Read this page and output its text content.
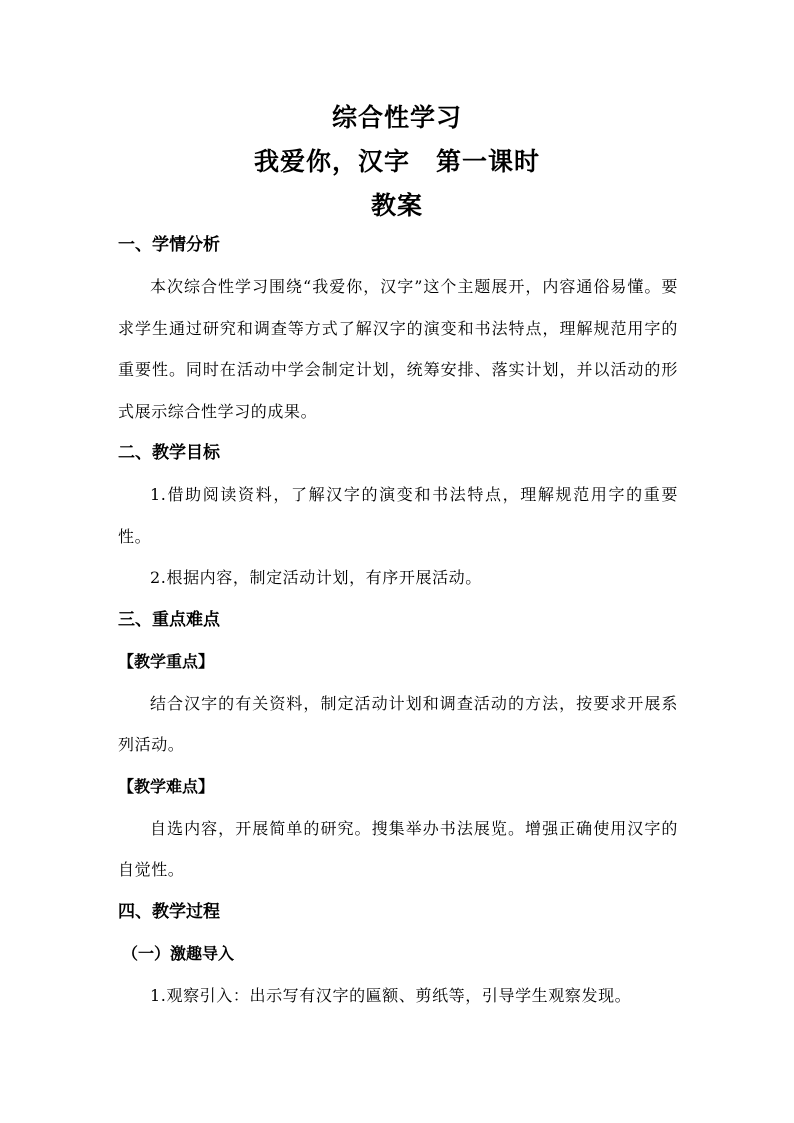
综合性学习
我爱你，汉字　第一课时
教案
一、学情分析

本次综合性学习围绕“我爱你，汉字”这个主题展开，内容通俗易懂。要求学生通过研究和调查等方式了解汉字的演变和书法特点，理解规范用字的重要性。同时在活动中学会制定计划，统筹安排、落实计划，并以活动的形式展示综合性学习的成果。

二、教学目标

1.借助阅读资料，了解汉字的演变和书法特点，理解规范用字的重要性。

2.根据内容，制定活动计划，有序开展活动。

三、重点难点
【教学重点】

结合汉字的有关资料，制定活动计划和调查活动的方法，按要求开展系列活动。

【教学难点】

自选内容，开展简单的研究。搜集举办书法展览。增强正确使用汉字的自觉性。

四、教学过程
（一）激趣导入

1.观察引入：出示写有汉字的匾额、剪纸等，引导学生观察发现。
